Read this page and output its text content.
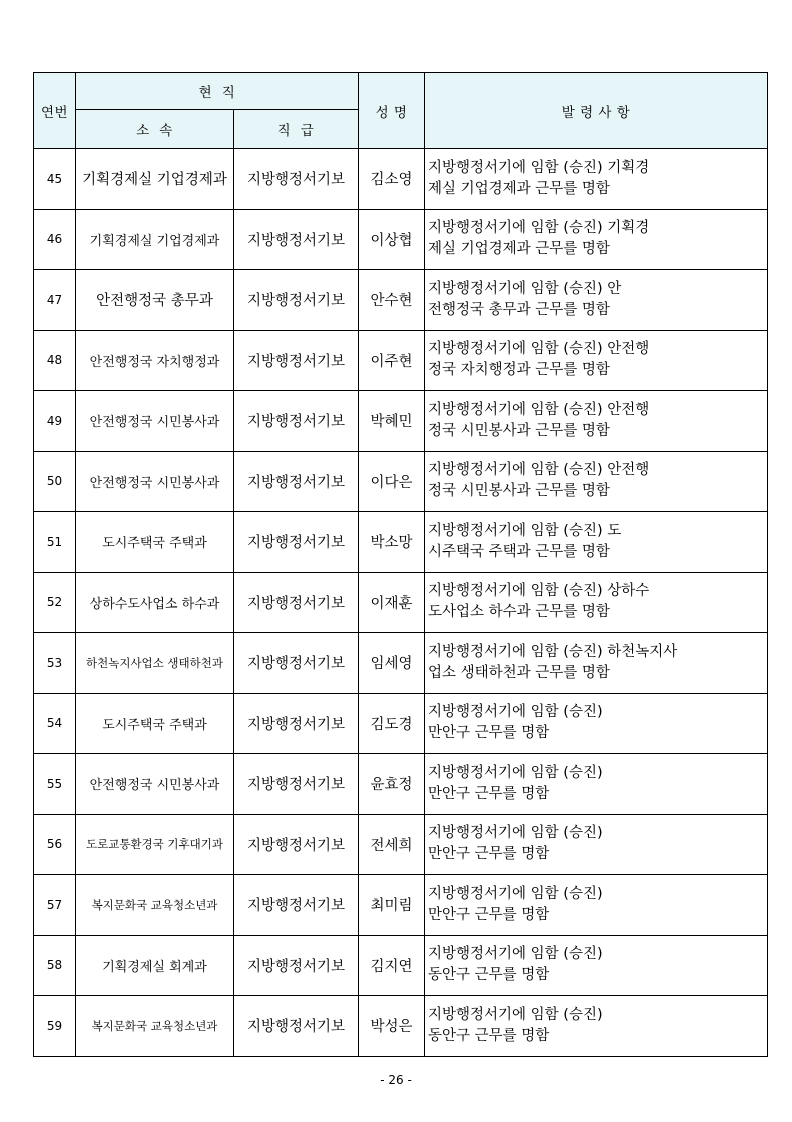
연번	현  직		성 명	발 령 사 항
	소  속	직  급		
45	기획경제실 기업경제과	지방행정서기보	김소영	지방행정서기에 임함 (승진) 기획경
제실 기업경제과 근무를 명함

46	기획경제실 기업경제과	지방행정서기보	이상협	지방행정서기에 임함 (승진) 기획경
제실 기업경제과 근무를 명함

47	안전행정국 총무과	지방행정서기보	안수현	지방행정서기에 임함 (승진) 안
전행정국 총무과 근무를 명함

48	안전행정국 자치행정과	지방행정서기보	이주현	지방행정서기에 임함 (승진) 안전행
정국 자치행정과 근무를 명함

49	안전행정국 시민봉사과	지방행정서기보	박혜민	지방행정서기에 임함 (승진) 안전행
정국 시민봉사과 근무를 명함

50	안전행정국 시민봉사과	지방행정서기보	이다은	지방행정서기에 임함 (승진) 안전행
정국 시민봉사과 근무를 명함

51	도시주택국 주택과	지방행정서기보	박소망	지방행정서기에 임함 (승진) 도
시주택국 주택과 근무를 명함

52	상하수도사업소 하수과	지방행정서기보	이재훈	지방행정서기에 임함 (승진) 상하수
도사업소 하수과 근무를 명함

53	하천녹지사업소 생태하천과	지방행정서기보	임세영	지방행정서기에 임함 (승진) 하천녹지사
업소 생태하천과 근무를 명함

54	도시주택국 주택과	지방행정서기보	김도경	지방행정서기에 임함 (승진)
만안구 근무를 명함

55	안전행정국 시민봉사과	지방행정서기보	윤효정	지방행정서기에 임함 (승진)
만안구 근무를 명함

56	도로교통환경국 기후대기과	지방행정서기보	전세희	지방행정서기에 임함 (승진)
만안구 근무를 명함

57	복지문화국 교육청소년과	지방행정서기보	최미림	지방행정서기에 임함 (승진)
만안구 근무를 명함

58	기획경제실 회계과	지방행정서기보	김지연	지방행정서기에 임함 (승진)
동안구 근무를 명함

59	복지문화국 교육청소년과	지방행정서기보	박성은	지방행정서기에 임함 (승진)
동안구 근무를 명함
- 26 -
